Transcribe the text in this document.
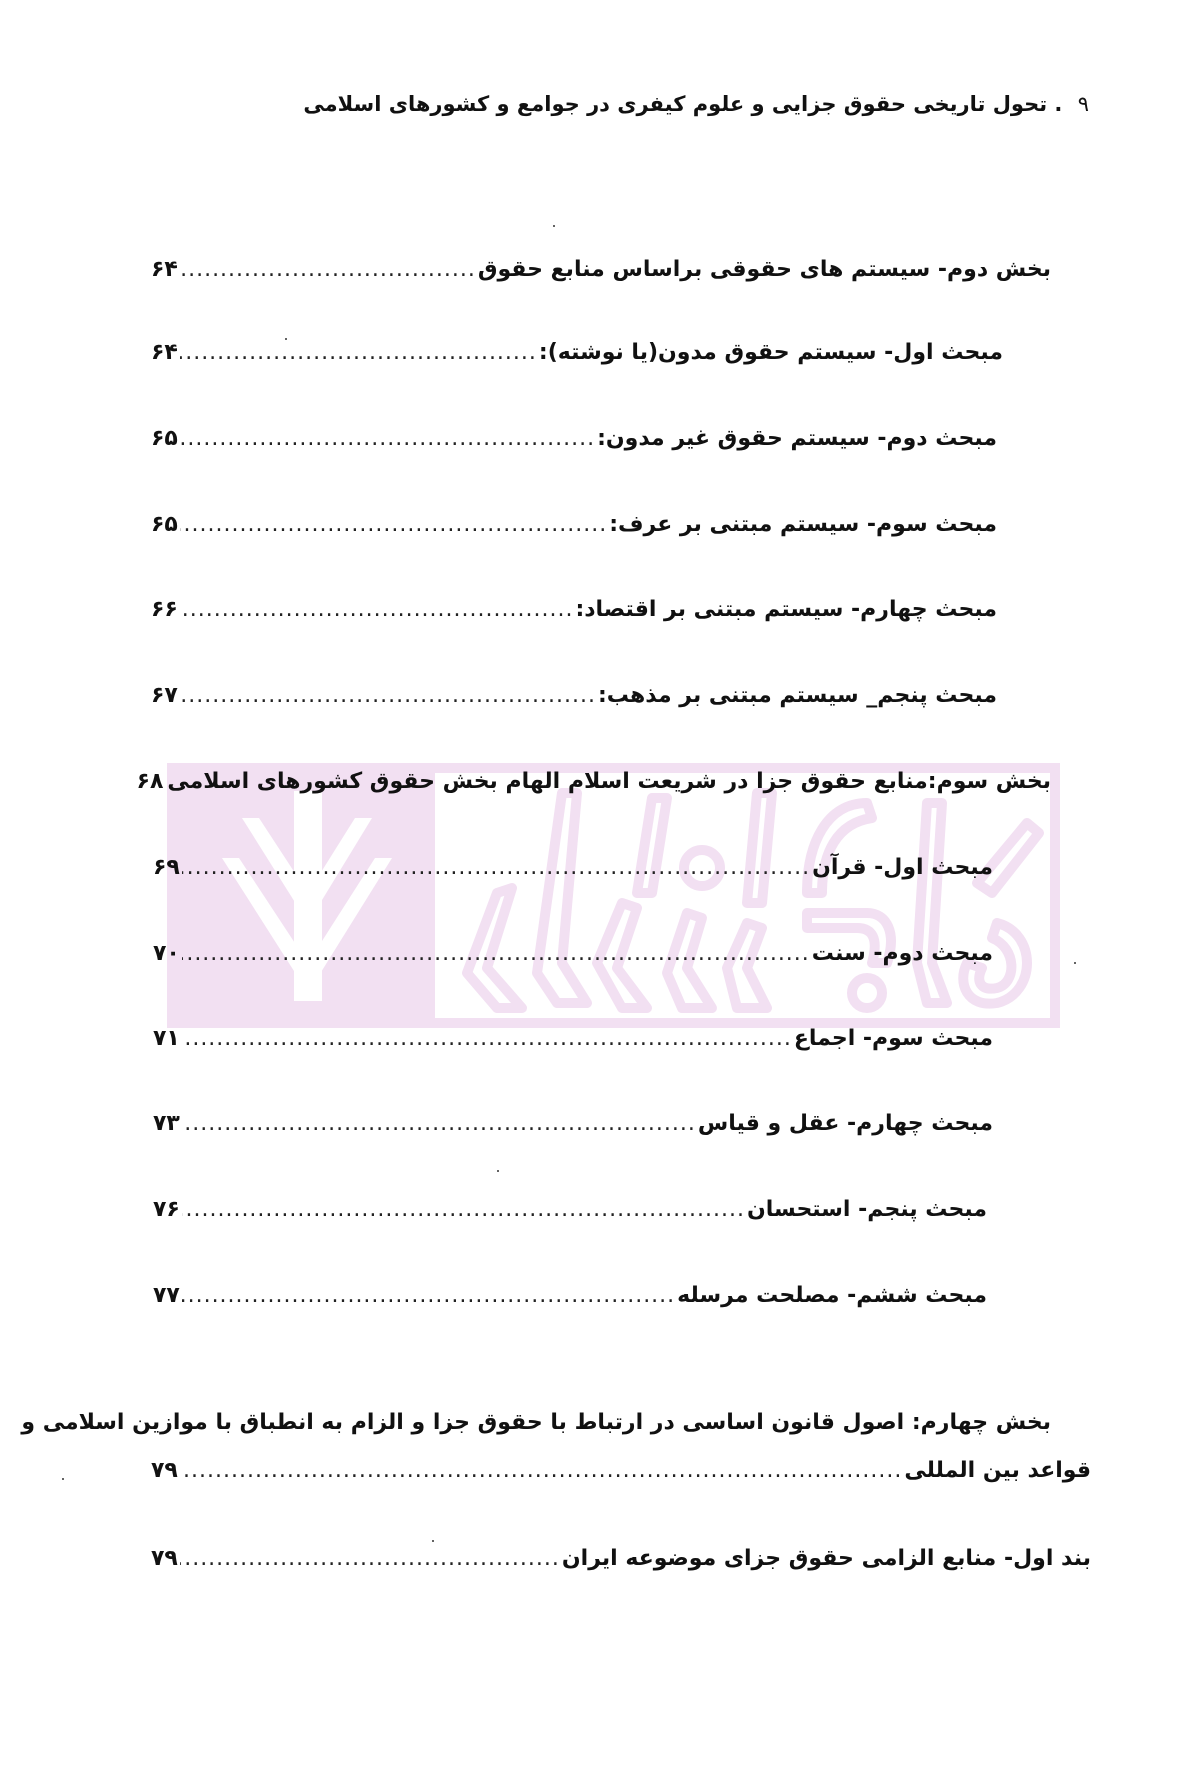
۹ . تحول تاریخی حقوق جزایی و علوم کیفری در جوامع و کشورهای اسلامی
بخش دوم- سیستم های حقوقی براساس منابع حقوق
.....
۶۴
مبحث اول- سیستم حقوق مدون(یا نوشته):
.....
۶۴
مبحث دوم- سیستم حقوق غیر مدون:
.....
۶۵
مبحث سوم- سیستم مبتنی بر عرف:
.....
۶۵
مبحث چهارم- سیستم مبتنی بر اقتصاد:
.....
۶۶
مبحث پنجم_ سیستم مبتنی بر مذهب:
.....
۶۷
بخش سوم:منابع حقوق جزا در شریعت اسلام الهام بخش حقوق کشورهای اسلامی
۶۸
مبحث اول- قرآن
.....
۶۹
مبحث دوم- سنت
.....
۷۰
مبحث سوم- اجماع
.....
۷۱
مبحث چهارم- عقل و قیاس
.....
۷۳
مبحث پنجم- استحسان
.....
۷۶
مبحث ششم- مصلحت مرسله
.....
۷۷
بخش چهارم: اصول قانون اساسی در ارتباط با حقوق جزا و الزام به انطباق با موازین اسلامی و
قواعد بین المللی
.....
۷۹
بند اول- منابع الزامی حقوق جزای موضوعه ایران
.....
۷۹
